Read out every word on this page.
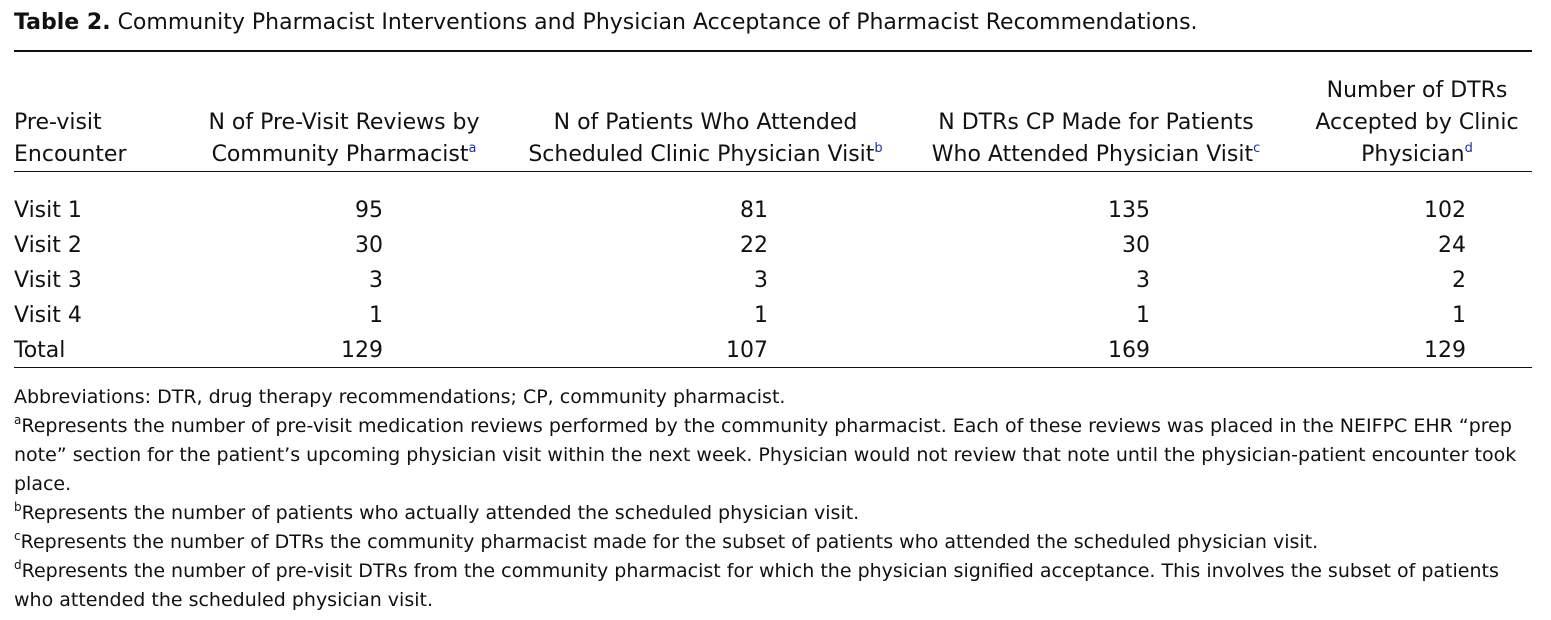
Table 2. Community Pharmacist Interventions and Physician Acceptance of Pharmacist Recommendations.
Pre-visit Encounter	N of Pre-Visit Reviews by Community Pharmacist$^a$	N of Patients Who Attended Scheduled Clinic Physician Visit$^b$	N DTRs CP Made for Patients Who Attended Physician Visit$^c$	Number of DTRs Accepted by Clinic Physician$^d$
Visit 1	95	81	135	102
Visit 2	30	22	30	24
Visit 3	3	3	3	2
Visit 4	1	1	1	1
Total	129	107	169	129

Abbreviations: DTR, drug therapy recommendations; CP, community pharmacist.

$^a$Represents the number of pre-visit medication reviews performed by the community pharmacist. Each of these reviews was placed in the NEIFPC EHR “prep note” section for the patient’s upcoming physician visit within the next week. Physician would not review that note until the physician-patient encounter took place.

$^b$Represents the number of patients who actually attended the scheduled physician visit.

$^c$Represents the number of DTRs the community pharmacist made for the subset of patients who attended the scheduled physician visit.

$^d$Represents the number of pre-visit DTRs from the community pharmacist for which the physician signified acceptance. This involves the subset of patients who attended the scheduled physician visit.
